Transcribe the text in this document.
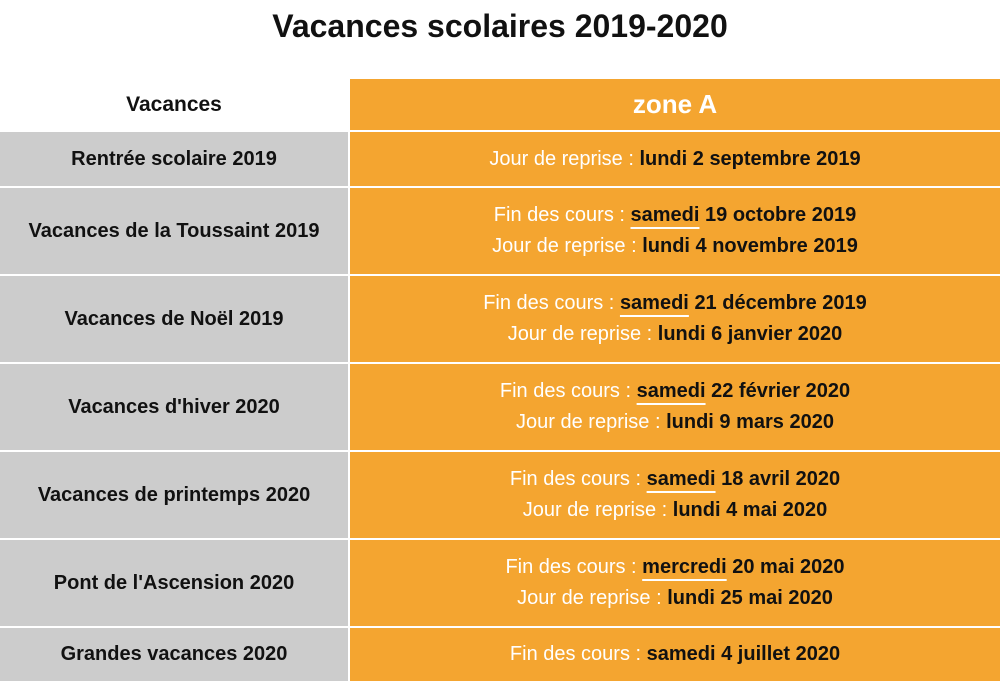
Vacances scolaires 2019-2020
Vacances	zone A
Rentrée scolaire 2019	Jour de reprise : lundi 2 septembre 2019

Vacances de la Toussaint 2019	Fin des cours : samedi 19 octobre 2019
Jour de reprise : lundi 4 novembre 2019

Vacances de Noël 2019	Fin des cours : samedi 21 décembre 2019
Jour de reprise : lundi 6 janvier 2020

Vacances d'hiver 2020	Fin des cours : samedi 22 février 2020
Jour de reprise : lundi 9 mars 2020

Vacances de printemps 2020	Fin des cours : samedi 18 avril 2020
Jour de reprise : lundi 4 mai 2020

Pont de l'Ascension 2020	Fin des cours : mercredi 20 mai 2020
Jour de reprise : lundi 25 mai 2020

Grandes vacances 2020	Fin des cours : samedi 4 juillet 2020
